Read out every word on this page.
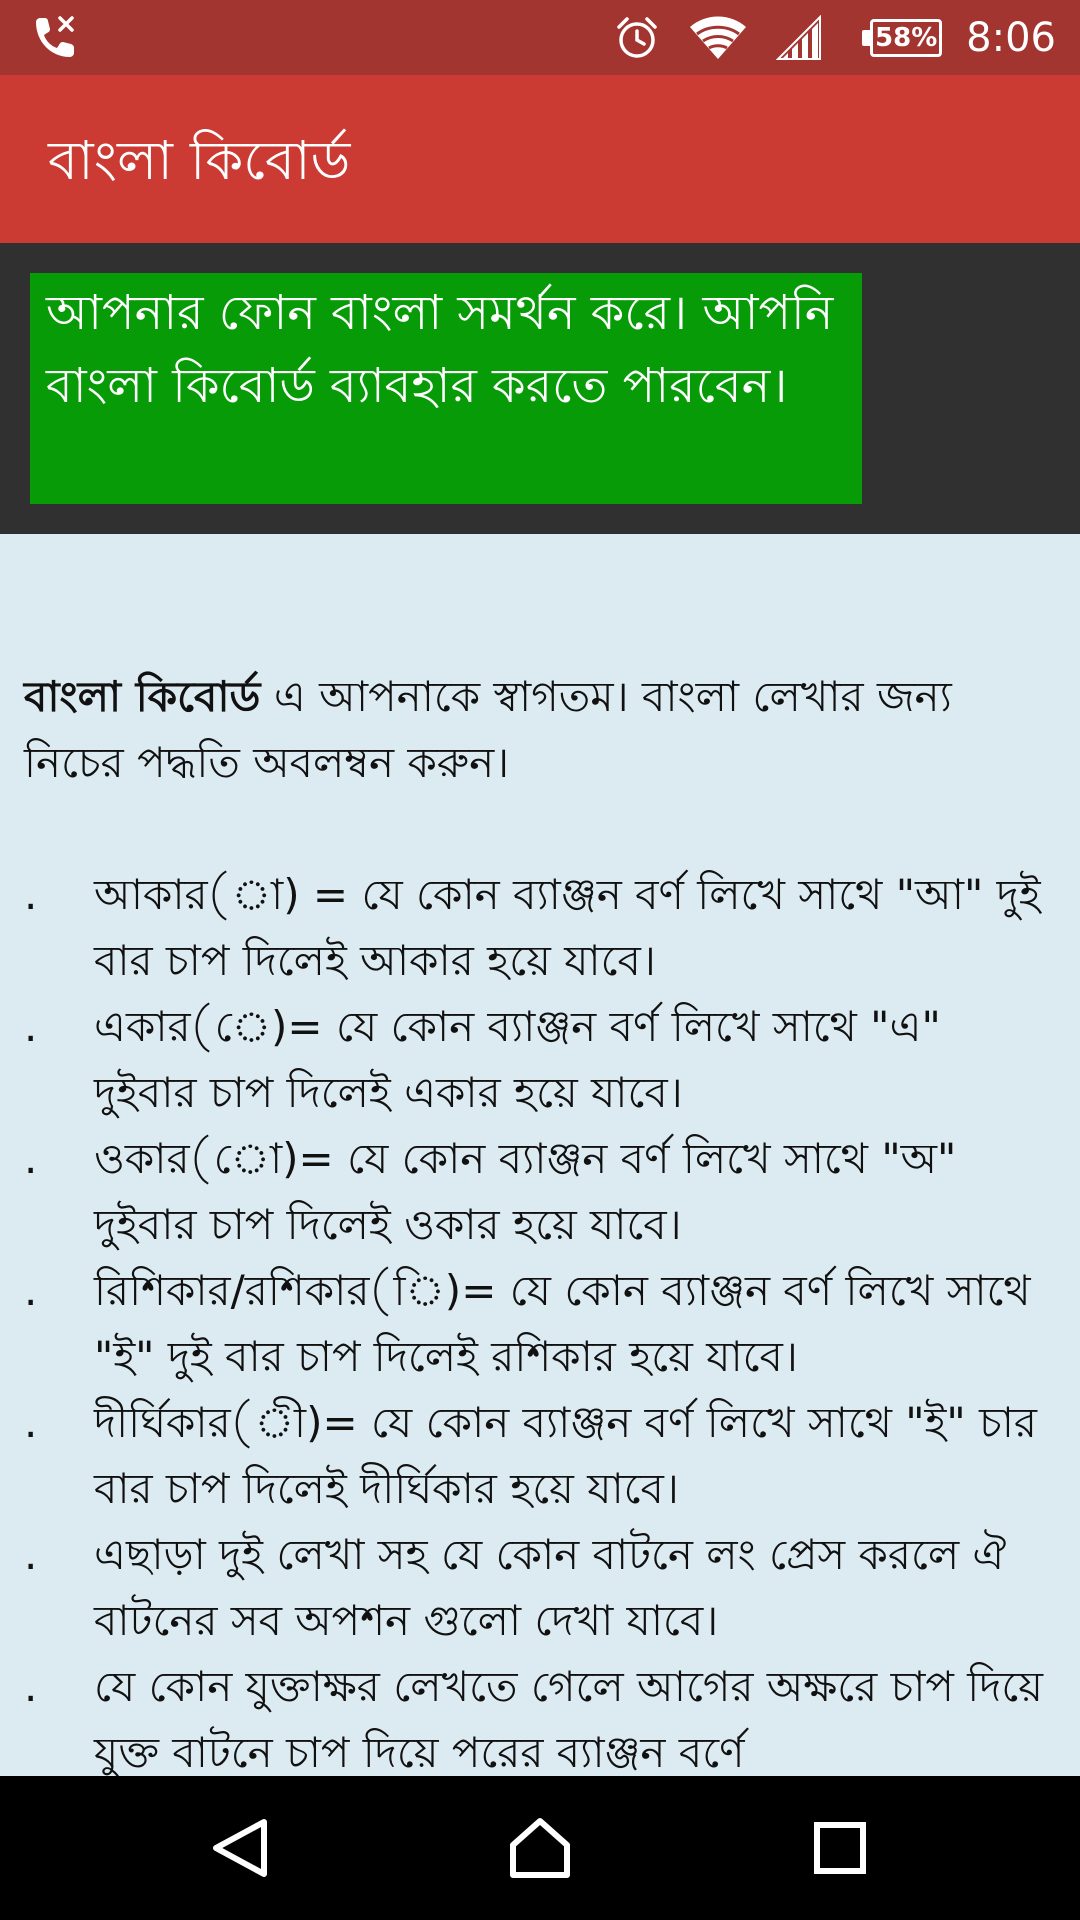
58% 8:06
বাংলা কিবোর্ড
আপনার ফোন বাংলা সমর্থন করে। আপনি বাংলা কিবোর্ড ব্যাবহার করতে পারবেন।

বাংলা কিবোর্ড এ আপনাকে স্বাগতম। বাংলা লেখার জন্য নিচের পদ্ধতি অবলম্বন করুন।

.	আকার(া) = যে কোন ব্যাঞ্জন বর্ণ লিখে সাথে "আ" দুই বার চাপ দিলেই আকার হয়ে যাবে।
.	একার(ে)= যে কোন ব্যাঞ্জন বর্ণ লিখে সাথে "এ" দুইবার চাপ দিলেই একার হয়ে যাবে।
.	ওকার(ো)= যে কোন ব্যাঞ্জন বর্ণ লিখে সাথে "অ" দুইবার চাপ দিলেই ওকার হয়ে যাবে।
.	রিশিকার/রশিকার(ি)= যে কোন ব্যাঞ্জন বর্ণ লিখে সাথে "ই" দুই বার চাপ দিলেই রশিকার হয়ে যাবে।
.	দীর্ঘিকার(ী)= যে কোন ব্যাঞ্জন বর্ণ লিখে সাথে "ই" চার বার চাপ দিলেই দীর্ঘিকার হয়ে যাবে।
.	এছাড়া দুই লেখা সহ যে কোন বাটনে লং প্রেস করলে ঐ বাটনের সব অপশন গুলো দেখা যাবে।
.	যে কোন যুক্তাক্ষর লেখতে গেলে আগের অক্ষরে চাপ দিয়ে যুক্ত বাটনে চাপ দিয়ে পরের ব্যাঞ্জন বর্ণে
